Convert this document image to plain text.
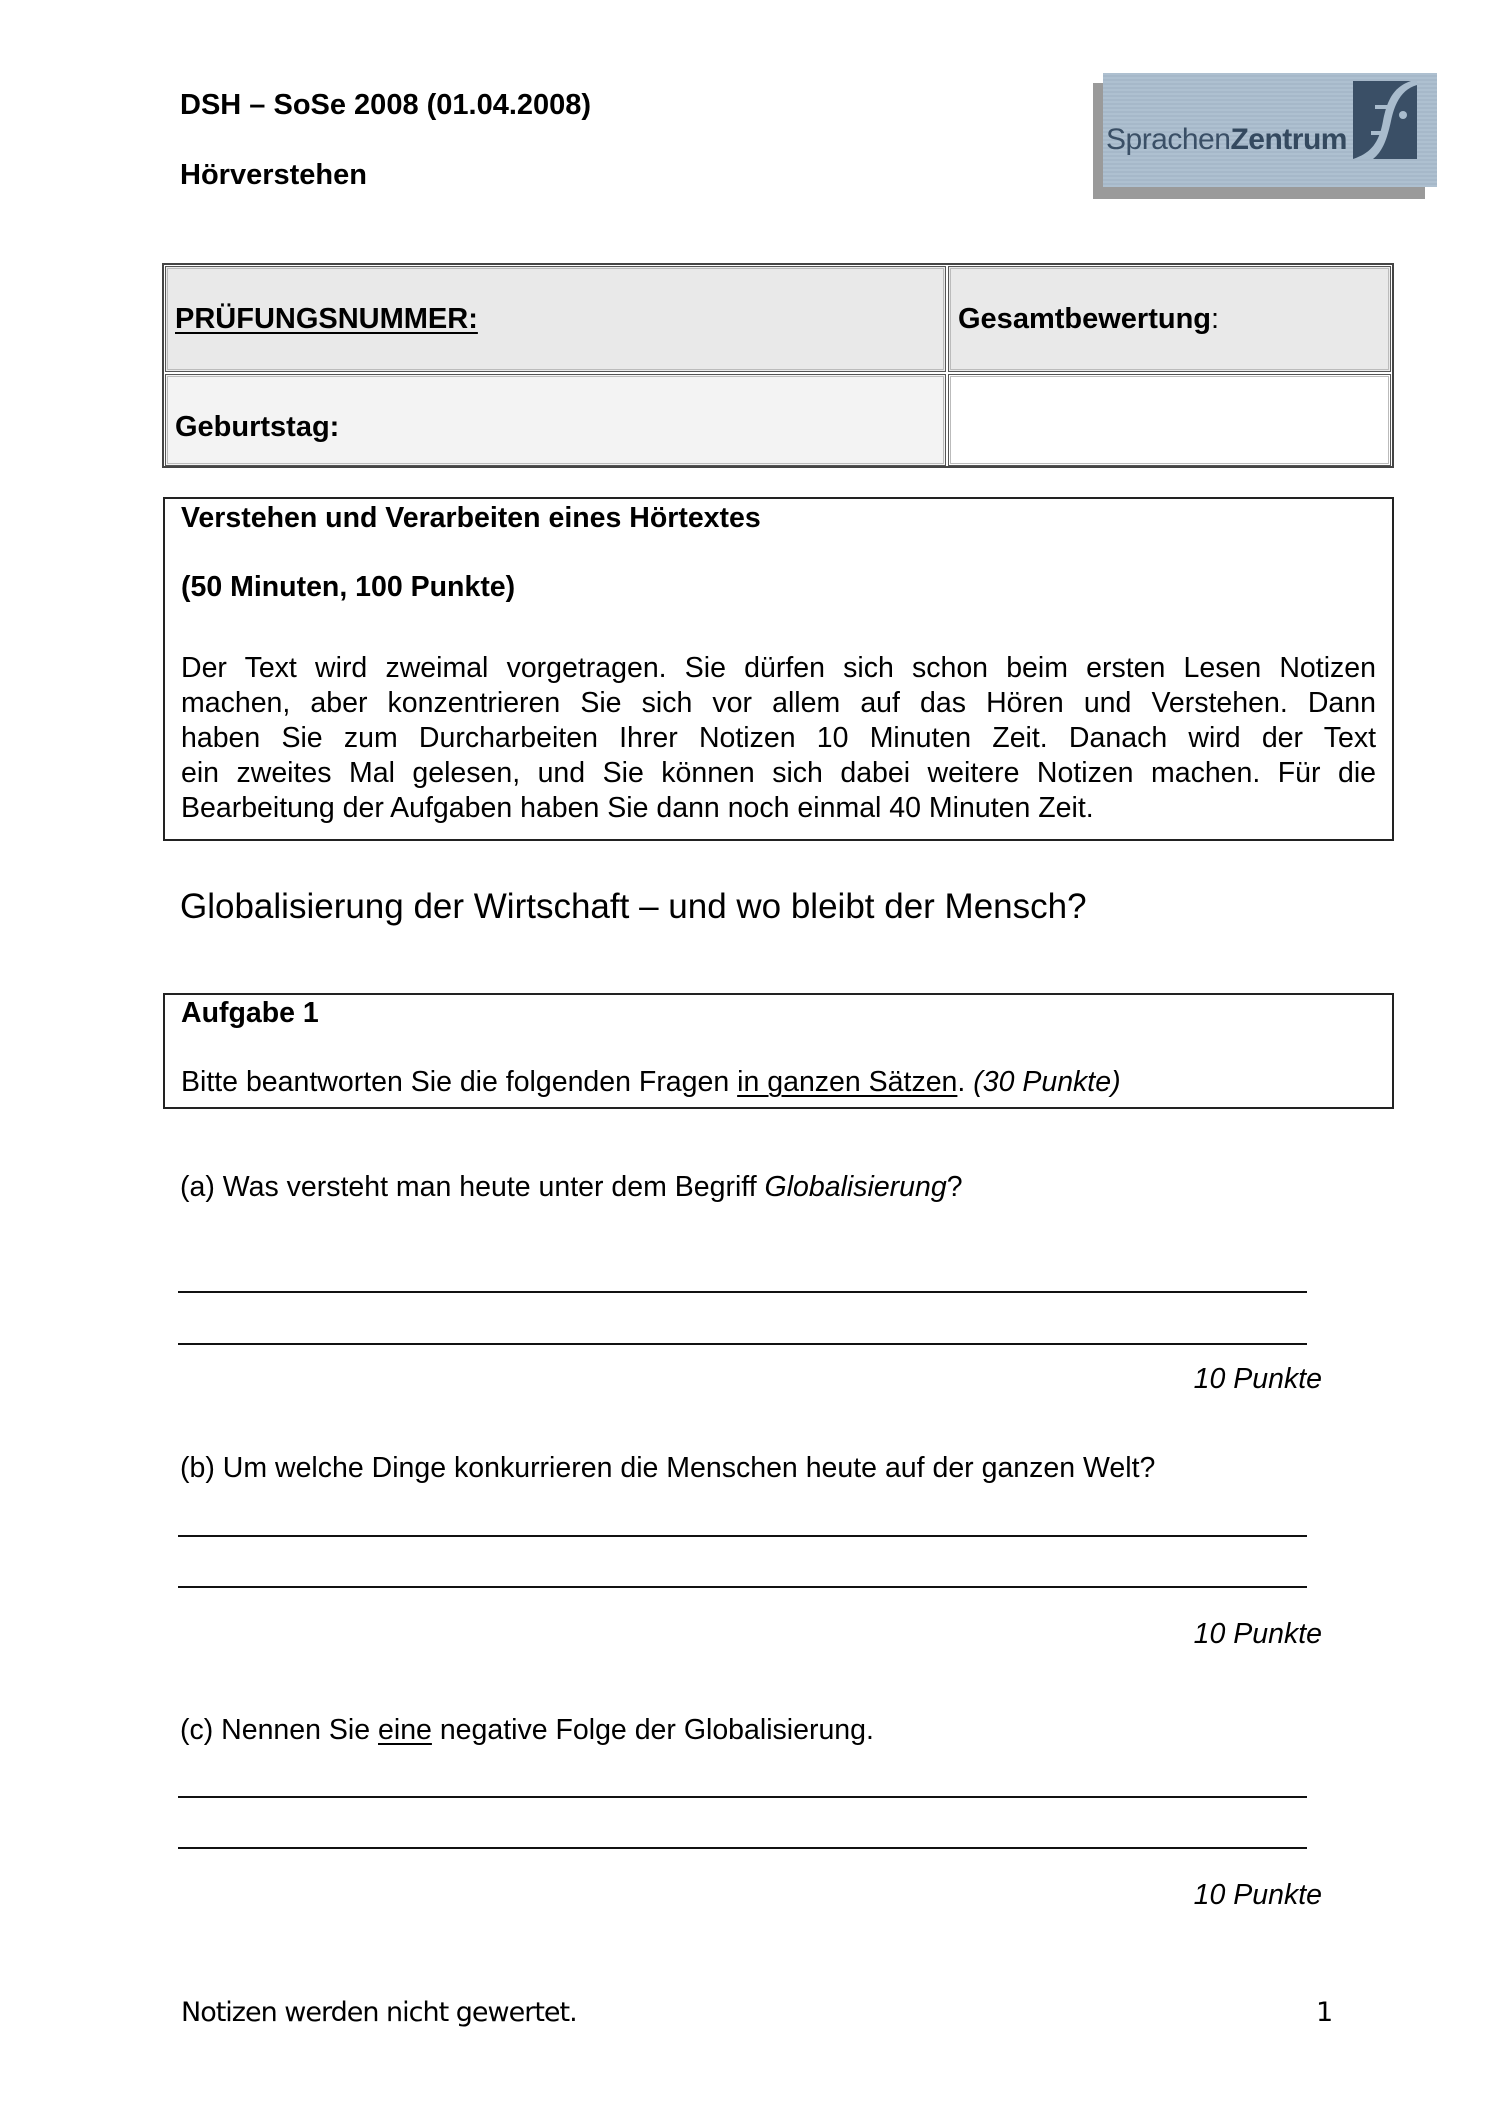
DSH – SoSe 2008 (01.04.2008)
Hörverstehen
SprachenZentrum
PRÜFUNGSNUMMER:	Gesamtbewertung:
Geburtstag:
Verstehen und Verarbeiten eines Hörtextes
(50 Minuten, 100 Punkte)
Der Text wird zweimal vorgetragen. Sie dürfen sich schon beim ersten Lesen Notizen
machen, aber konzentrieren Sie sich vor allem auf das Hören und Verstehen. Dann
haben Sie zum Durcharbeiten Ihrer Notizen 10 Minuten Zeit. Danach wird der Text
ein zweites Mal gelesen, und Sie können sich dabei weitere Notizen machen. Für die
Bearbeitung der Aufgaben haben Sie dann noch einmal 40 Minuten Zeit.
Globalisierung der Wirtschaft – und wo bleibt der Mensch?
Aufgabe 1
Bitte beantworten Sie die folgenden Fragen in ganzen Sätzen. (30 Punkte)
(a) Was versteht man heute unter dem Begriff Globalisierung?
10 Punkte
(b) Um welche Dinge konkurrieren die Menschen heute auf der ganzen Welt?
10 Punkte
(c) Nennen Sie eine negative Folge der Globalisierung.
10 Punkte
Notizen werden nicht gewertet.	1
